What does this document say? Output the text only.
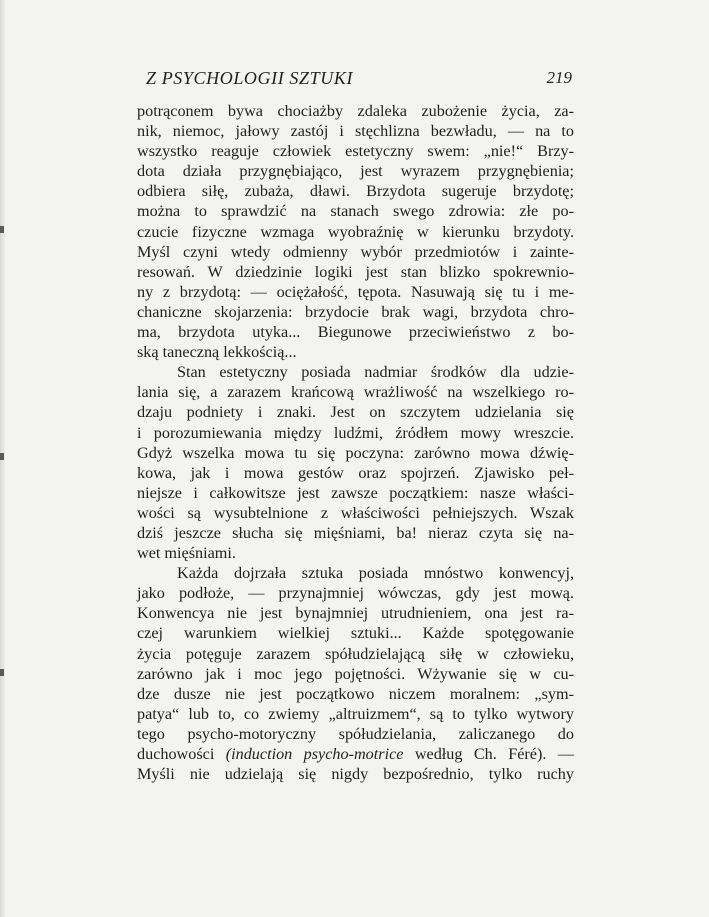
Z PSYCHOLOGII SZTUKI	219
potrąconem bywa chociażby zdaleka zubożenie życia, za-
nik, niemoc, jałowy zastój i stęchlizna bezwładu, — na to
wszystko reaguje człowiek estetyczny swem: „nie!“ Brzy-
dota działa przygnębiająco, jest wyrazem przygnębienia;
odbiera siłę, zubaża, dławi. Brzydota sugeruje brzydotę;
można to sprawdzić na stanach swego zdrowia: złe po-
czucie fizyczne wzmaga wyobraźnię w kierunku brzydoty.
Myśl czyni wtedy odmienny wybór przedmiotów i zainte-
resowań. W dziedzinie logiki jest stan blizko spokrewnio-
ny z brzydotą: — ociężałość, tępota. Nasuwają się tu i me-
chaniczne skojarzenia: brzydocie brak wagi, brzydota chro-
ma, brzydota utyka... Biegunowe przeciwieństwo z bo-
ską taneczną lekkością...
Stan estetyczny posiada nadmiar środków dla udzie-
lania się, a zarazem krańcową wrażliwość na wszelkiego ro-
dzaju podniety i znaki. Jest on szczytem udzielania się
i porozumiewania między ludźmi, źródłem mowy wreszcie.
Gdyż wszelka mowa tu się poczyna: zarówno mowa dźwię-
kowa, jak i mowa gestów oraz spojrzeń. Zjawisko peł-
niejsze i całkowitsze jest zawsze początkiem: nasze właści-
wości są wysubtelnione z właściwości pełniejszych. Wszak
dziś jeszcze słucha się mięśniami, ba! nieraz czyta się na-
wet mięśniami.
Każda dojrzała sztuka posiada mnóstwo konwencyj,
jako podłoże, — przynajmniej wówczas, gdy jest mową.
Konwencya nie jest bynajmniej utrudnieniem, ona jest ra-
czej warunkiem wielkiej sztuki... Każde spotęgowanie
życia potęguje zarazem spółudzielającą siłę w człowieku,
zarówno jak i moc jego pojętności. Wżywanie się w cu-
dze dusze nie jest początkowo niczem moralnem: „sym-
patya“ lub to, co zwiemy „altruizmem“, są to tylko wytwory
tego psycho-motoryczny spółudzielania, zaliczanego do
duchowości (induction psycho-motrice według Ch. Féré). —
Myśli nie udzielają się nigdy bezpośrednio, tylko ruchy
